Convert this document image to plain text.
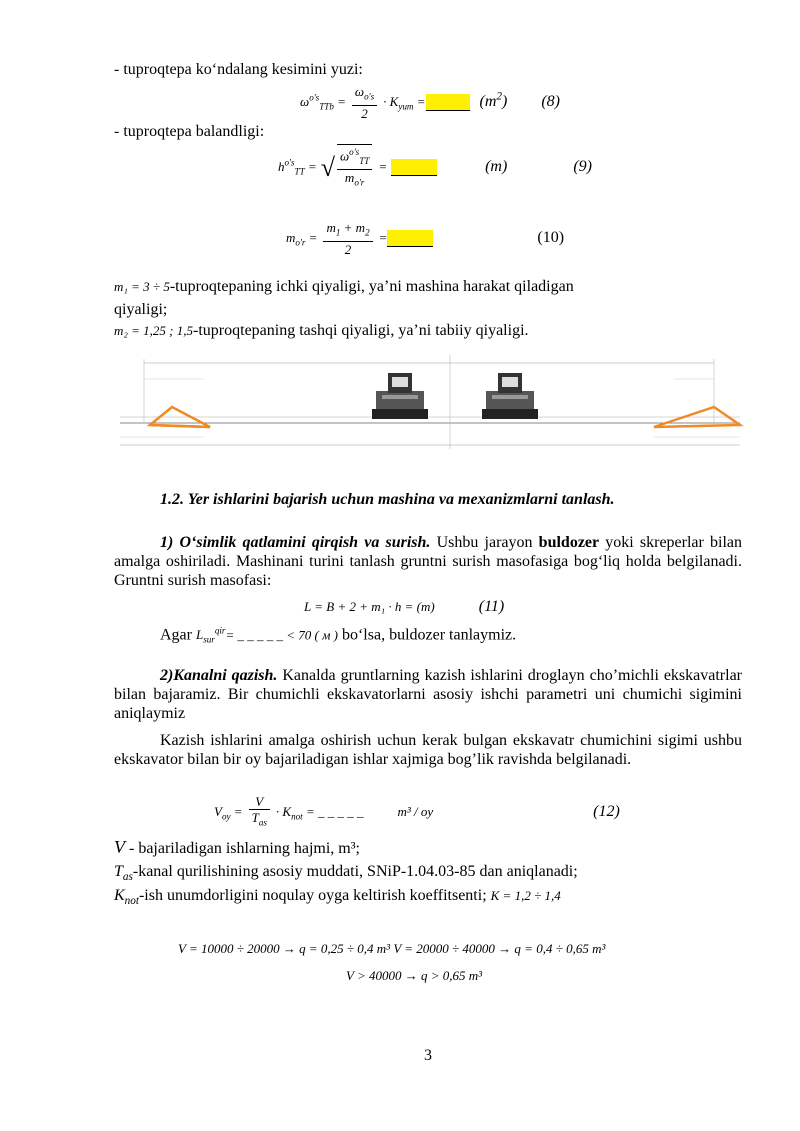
- tuproqtepa ko‘ndalang kesimini yuzi:
$\omega^{o's}_{TTb} = \frac{\omega_{o's}}{2} \cdot K_{yum}$ =	$(m^2)$ (8)
- tuproqtepa balandligi:
$h^{o's}_{TT}$ = √ $\frac{\omega^{o's}_{TT}}{m_{o'r}}$ =	(m)	(9)
$m_{o'r} = \frac{m_1 + m_2}{2}$ =	(10)
m₁ = 3 ÷ 5-tuproqtepaning ichki qiyaligi, ya’ni mashina harakat qiladigan
qiyaligi;
m₂ = 1,25 ; 1,5-tuproqtepaning tashqi qiyaligi, ya’ni tabiiy qiyaligi.
1.2. Yer ishlarini bajarish uchun mashina va mexanizmlarni tanlash.
1) O‘simlik qatlamini qirqish va surish. Ushbu jarayon buldozer yoki skreperlar bilan amalga oshiriladi. Mashinani turini tanlash gruntni surish masofasiga bog‘liq holda belgilanadi. Gruntni surish masofasi:
L = B + 2 + m₁ · h = (m)	(11)
Agar $L_{sur}^{qir}=$ _ _ _ _ _ < 70 ( м ) bo‘lsa, buldozer tanlaymiz.
2)Kanalni qazish. Kanalda gruntlarning kazish ishlarini droglayn cho’michli ekskavatrlar bilan bajaramiz. Bir chumichli ekskavatorlarni asosiy ishchi parametri uni chumichi sigimini aniqlaymiz
Kazish ishlarini amalga oshirish uchun kerak bulgan ekskavatr chumichini sigimi ushbu ekskavator bilan bir oy bajariladigan ishlar xajmiga bog’lik ravishda belgilanadi.
$V_{oy} = \frac{V}{T_{as}} \cdot K_{not}$ = _ _ _ _ _	m³ / oy	(12)
V - bajariladigan ishlarning hajmi, m³;
$T_{as}$-kanal qurilishining asosiy muddati, SNiP-1.04.03-85 dan aniqlanadi;
$K_{not}$-ish unumdorligini noqulay oyga keltirish koeffitsenti; K = 1,2 ÷ 1,4
V = 10000 ÷ 20000 → q = 0,25 ÷ 0,4 m³ V = 20000 ÷ 40000 → q = 0,4 ÷ 0,65 m³
V > 40000 → q > 0,65 m³
3
